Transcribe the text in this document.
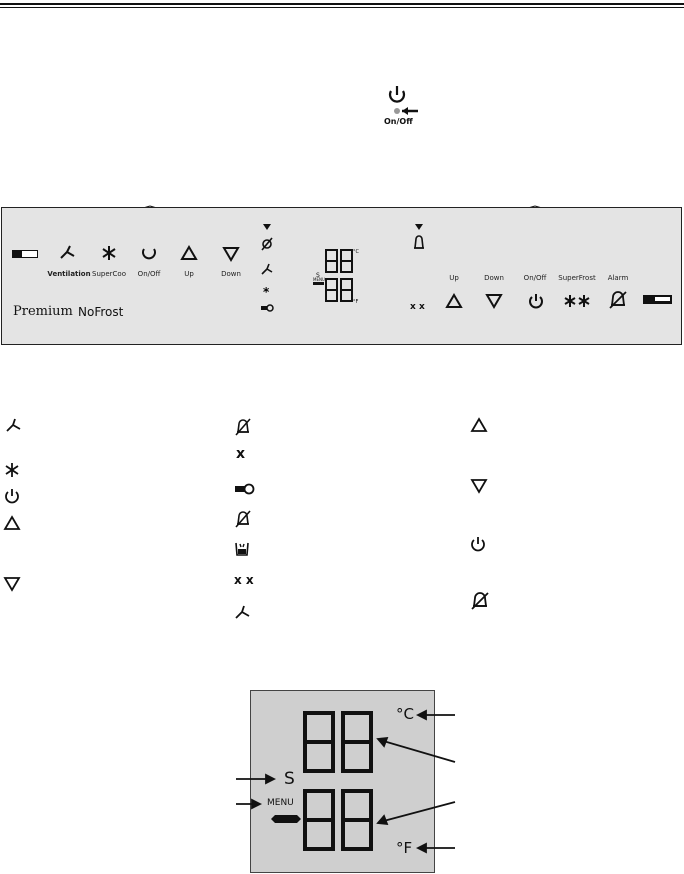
On/Off
Ventilation SuperCoo On/Off	Up	Down
Premium NoFrost
*
S
MENU
°C
°F	x x
Up	Down	On/Off SuperFrost Alarm
x
x x
S
MENU
°C
°F
